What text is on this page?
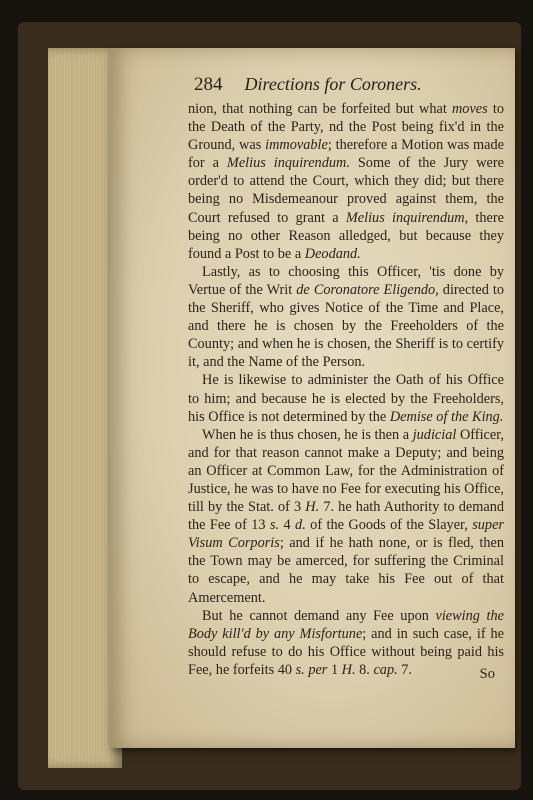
284 Directions for Coroners.

nion, that nothing can be forfeited but what moves to the Death of the Party, nd the Post being fix'd in the Ground, was immovable; therefore a Motion was made for a Melius inquirendum. Some of the Jury were order'd to attend the Court, which they did; but there being no Misdemeanour proved against them, the Court refused to grant a Melius inquirendum, there being no other Reason alledged, but because they found a Post to be a Deodand.

Lastly, as to choosing this Officer, 'tis done by Vertue of the Writ de Coronatore Eligendo, directed to the Sheriff, who gives Notice of the Time and Place, and there he is chosen by the Freeholders of the County; and when he is chosen, the Sheriff is to certify it, and the Name of the Person.

He is likewise to administer the Oath of his Office to him; and because he is elected by the Freeholders, his Office is not determined by the Demise of the King.

When he is thus chosen, he is then a judicial Officer, and for that reason cannot make a Deputy; and being an Officer at Common Law, for the Administration of Justice, he was to have no Fee for executing his Office, till by the Stat. of 3 H. 7. he hath Authority to demand the Fee of 13 s. 4 d. of the Goods of the Slayer, super Visum Corporis; and if he hath none, or is fled, then the Town may be amerced, for suffering the Criminal to escape, and he may take his Fee out of that Amercement.

But he cannot demand any Fee upon viewing the Body kill'd by any Misfortune; and in such case, if he should refuse to do his Office without being paid his Fee, he forfeits 40 s. per 1 H. 8. cap. 7.	So
